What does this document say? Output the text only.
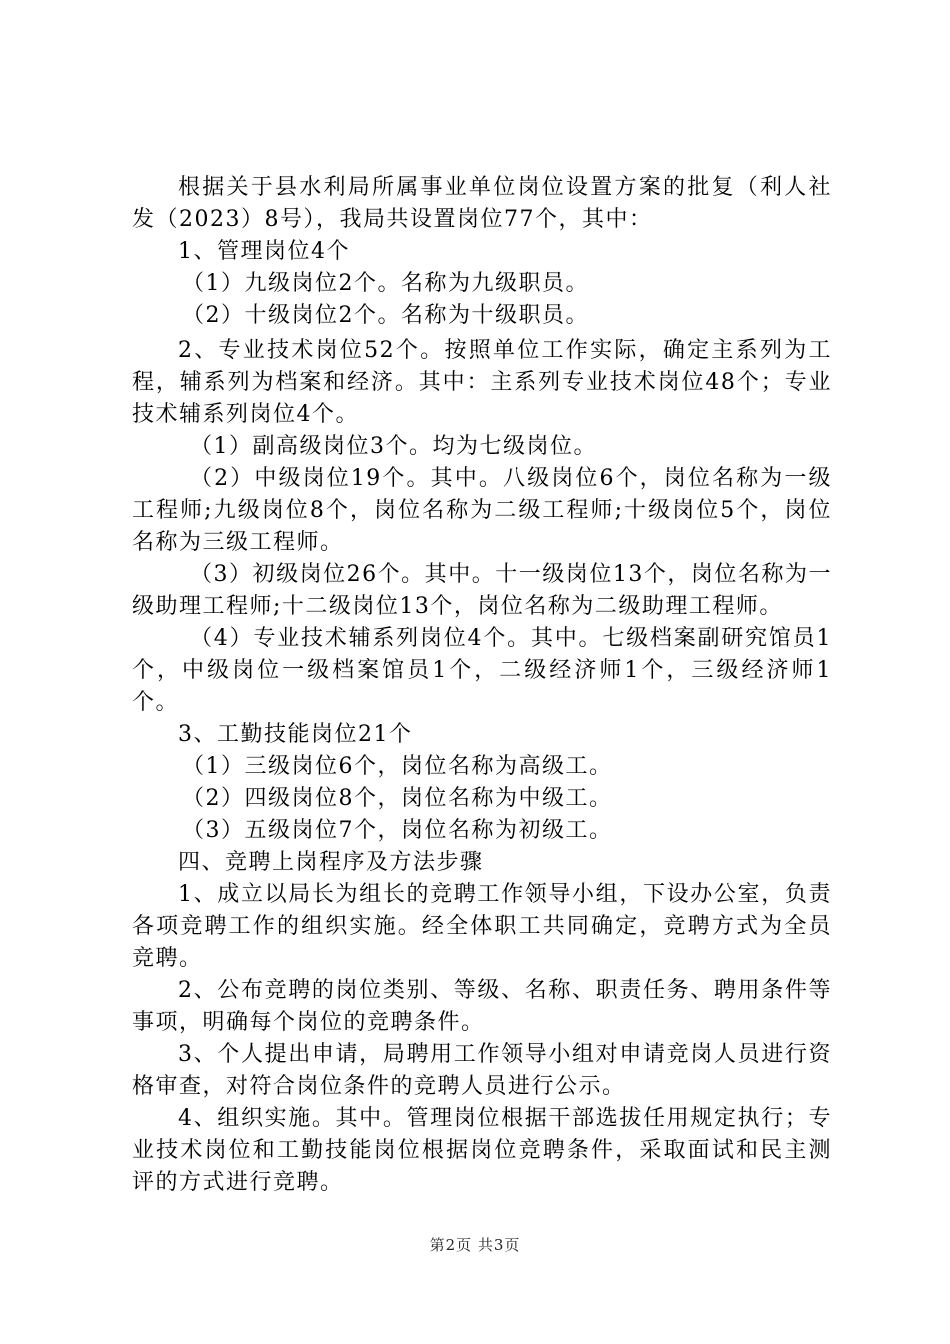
根据关于县水利局所属事业单位岗位设置方案的批复（利人社发（2023）8号），我局共设置岗位77个，其中：

1、管理岗位4个

（1）九级岗位2个。名称为九级职员。

（2）十级岗位2个。名称为十级职员。

2、专业技术岗位52个。按照单位工作实际，确定主系列为工程，辅系列为档案和经济。其中：主系列专业技术岗位48个；专业技术辅系列岗位4个。

（1）副高级岗位3个。均为七级岗位。

（2）中级岗位19个。其中。八级岗位6个，岗位名称为一级工程师;九级岗位8个，岗位名称为二级工程师;十级岗位5个，岗位名称为三级工程师。

（3）初级岗位26个。其中。十一级岗位13个，岗位名称为一级助理工程师;十二级岗位13个，岗位名称为二级助理工程师。

（4）专业技术辅系列岗位4个。其中。七级档案副研究馆员1个，中级岗位一级档案馆员1个，二级经济师1个，三级经济师1个。

3、工勤技能岗位21个

（1）三级岗位6个，岗位名称为高级工。

（2）四级岗位8个，岗位名称为中级工。

（3）五级岗位7个，岗位名称为初级工。

四、竞聘上岗程序及方法步骤

1、成立以局长为组长的竞聘工作领导小组，下设办公室，负责各项竞聘工作的组织实施。经全体职工共同确定，竞聘方式为全员竞聘。

2、公布竞聘的岗位类别、等级、名称、职责任务、聘用条件等事项，明确每个岗位的竞聘条件。

3、个人提出申请，局聘用工作领导小组对申请竞岗人员进行资格审查，对符合岗位条件的竞聘人员进行公示。

4、组织实施。其中。管理岗位根据干部选拔任用规定执行；专业技术岗位和工勤技能岗位根据岗位竞聘条件，采取面试和民主测评的方式进行竞聘。

第2页 共3页
